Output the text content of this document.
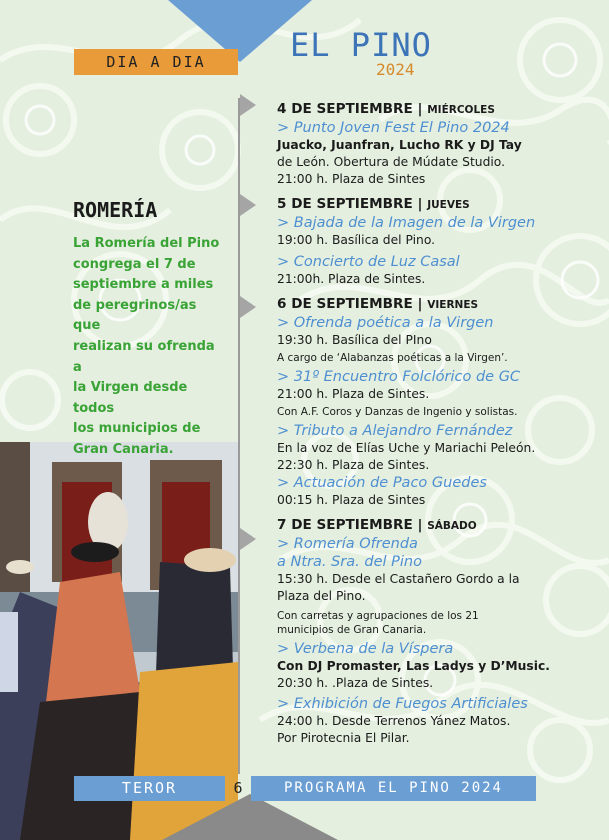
DIA A DIA	EL PINO
2024
ROMERÍA
La Romería del Pino
congrega el 7 de
septiembre a miles
de peregrinos/as que
realizan su ofrenda a
la Virgen desde todos
los municipios de
Gran Canaria.
4 DE SEPTIEMBRE | MIÉRCOLES
> Punto Joven Fest El Pino 2024
Juacko, Juanfran, Lucho RK y DJ Tay
de León. Obertura de Múdate Studio.
21:00 h. Plaza de Sintes
5 DE SEPTIEMBRE | JUEVES
> Bajada de la Imagen de la Virgen
19:00 h. Basílica del Pino.
> Concierto de Luz Casal
21:00h. Plaza de Sintes.
6 DE SEPTIEMBRE | VIERNES
> Ofrenda poética a la Virgen
19:30 h. Basílica del PIno
A cargo de ‘Alabanzas poéticas a la Virgen’.
> 31º Encuentro Folclórico de GC
21:00 h. Plaza de Sintes.
Con A.F. Coros y Danzas de Ingenio y solistas.
> Tributo a Alejandro Fernández
En la voz de Elías Uche y Mariachi Peleón.
22:30 h. Plaza de Sintes.
> Actuación de Paco Guedes
00:15 h. Plaza de Sintes
7 DE SEPTIEMBRE | SÁBADO
> Romería Ofrenda
a Ntra. Sra. del Pino
15:30 h. Desde el Castañero Gordo a la
Plaza del Pino.
Con carretas y agrupaciones de los 21
municipios de Gran Canaria.
> Verbena de la Víspera
Con DJ Promaster, Las Ladys y D’Music.
20:30 h. .Plaza de Sintes.
> Exhibición de Fuegos Artificiales
24:00 h. Desde Terrenos Yánez Matos.
Por Pirotecnia El Pilar.
TEROR	6	PROGRAMA EL PINO 2024
